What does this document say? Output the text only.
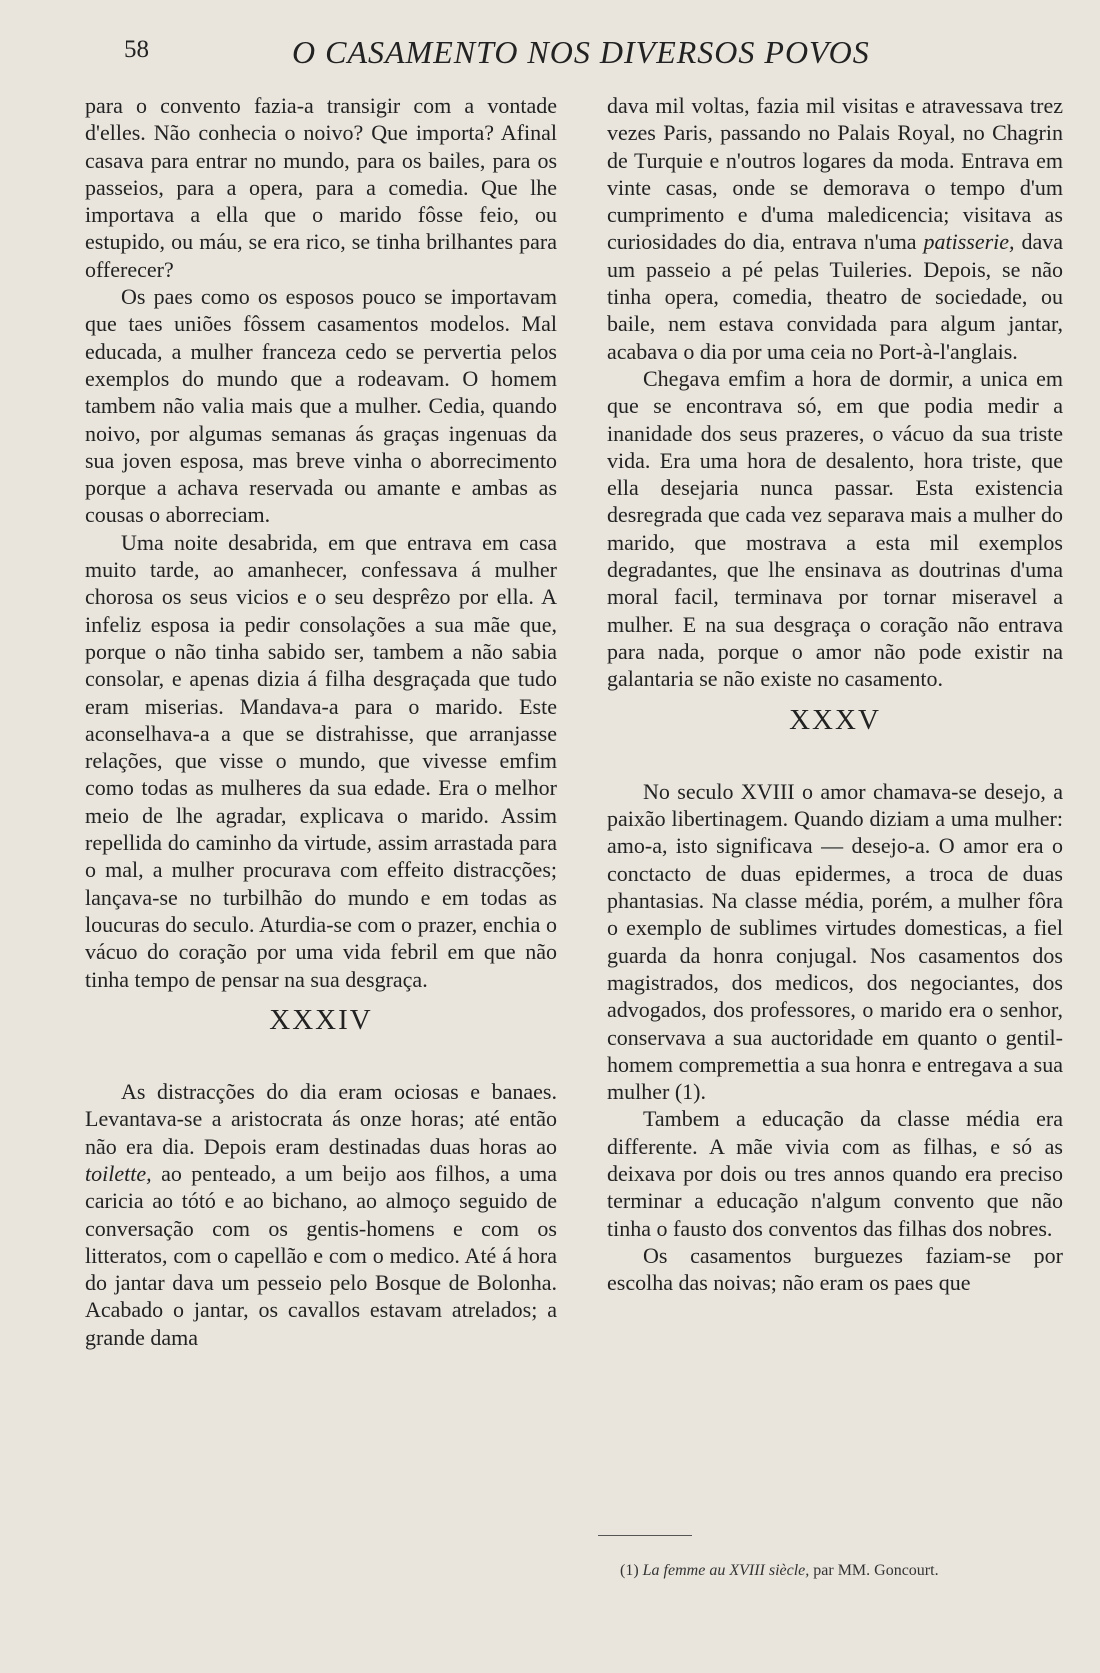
58	O CASAMENTO NOS DIVERSOS POVOS

para o convento fazia-a transigir com a vontade d'elles. Não conhecia o noivo? Que importa? Afinal casava para entrar no mundo, para os bailes, para os passeios, para a opera, para a comedia. Que lhe importava a ella que o marido fôsse feio, ou estupido, ou máu, se era rico, se tinha brilhantes para offerecer?

Os paes como os esposos pouco se importavam que taes uniões fôssem casamentos modelos. Mal educada, a mulher franceza cedo se pervertia pelos exemplos do mundo que a rodeavam. O homem tambem não valia mais que a mulher. Cedia, quando noivo, por algumas semanas ás graças ingenuas da sua joven esposa, mas breve vinha o aborrecimento porque a achava reservada ou amante e ambas as cousas o aborreciam.

Uma noite desabrida, em que entrava em casa muito tarde, ao amanhecer, confessava á mulher chorosa os seus vicios e o seu desprêzo por ella. A infeliz esposa ia pedir consolações a sua mãe que, porque o não tinha sabido ser, tambem a não sabia consolar, e apenas dizia á filha desgraçada que tudo eram miserias. Mandava-a para o marido. Este aconselhava-a a que se distrahisse, que arranjasse relações, que visse o mundo, que vivesse emfim como todas as mulheres da sua edade. Era o melhor meio de lhe agradar, explicava o marido. Assim repellida do caminho da virtude, assim arrastada para o mal, a mulher procurava com effeito distracções; lançava-se no turbilhão do mundo e em todas as loucuras do seculo. Aturdia-se com o prazer, enchia o vácuo do coração por uma vida febril em que não tinha tempo de pensar na sua desgraça.

XXXIV

As distracções do dia eram ociosas e banaes. Levantava-se a aristocrata ás onze horas; até então não era dia. Depois eram destinadas duas horas ao toilette, ao penteado, a um beijo aos filhos, a uma caricia ao tótó e ao bichano, ao almoço seguido de conversação com os gentis-homens e com os litteratos, com o capellão e com o medico. Até á hora do jantar dava um pesseio pelo Bosque de Bolonha. Acabado o jantar, os cavallos estavam atrelados; a grande dama

dava mil voltas, fazia mil visitas e atravessava trez vezes Paris, passando no Palais Royal, no Chagrin de Turquie e n'outros logares da moda. Entrava em vinte casas, onde se demorava o tempo d'um cumprimento e d'uma maledicencia; visitava as curiosidades do dia, entrava n'uma patisserie, dava um passeio a pé pelas Tuileries. Depois, se não tinha opera, comedia, theatro de sociedade, ou baile, nem estava convidada para algum jantar, acabava o dia por uma ceia no Port-à-l'anglais.

Chegava emfim a hora de dormir, a unica em que se encontrava só, em que podia medir a inanidade dos seus prazeres, o vácuo da sua triste vida. Era uma hora de desalento, hora triste, que ella desejaria nunca passar. Esta existencia desregrada que cada vez separava mais a mulher do marido, que mostrava a esta mil exemplos degradantes, que lhe ensinava as doutrinas d'uma moral facil, terminava por tornar miseravel a mulher. E na sua desgraça o coração não entrava para nada, porque o amor não pode existir na galantaria se não existe no casamento.

XXXV

No seculo XVIII o amor chamava-se desejo, a paixão libertinagem. Quando diziam a uma mulher: amo-a, isto significava — desejo-a. O amor era o conctacto de duas epidermes, a troca de duas phantasias. Na classe média, porém, a mulher fôra o exemplo de sublimes virtudes domesticas, a fiel guarda da honra conjugal. Nos casamentos dos magistrados, dos medicos, dos negociantes, dos advogados, dos professores, o marido era o senhor, conservava a sua auctoridade em quanto o gentil-homem compremettia a sua honra e entregava a sua mulher (1).

Tambem a educação da classe média era differente. A mãe vivia com as filhas, e só as deixava por dois ou tres annos quando era preciso terminar a educação n'algum convento que não tinha o fausto dos conventos das filhas dos nobres.

Os casamentos burguezes faziam-se por escolha das noivas; não eram os paes que

(1) La femme au XVIII siècle, par MM. Goncourt.
